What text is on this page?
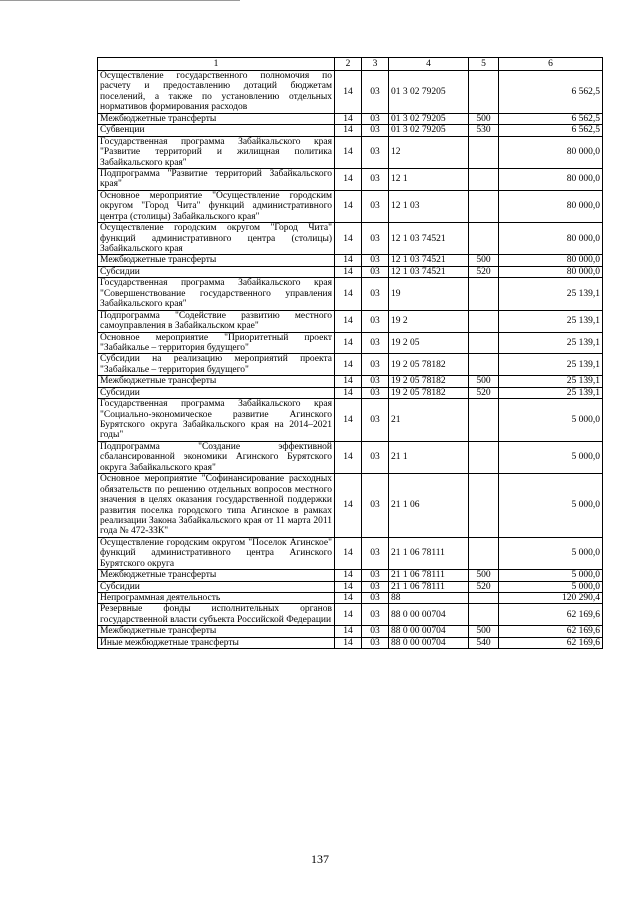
1	2	3	4	5	6
Осуществление государственного полномочия по расчету и предоставлению дотаций бюджетам поселений, а также по установлению отдельных нормативов формирования расходов	14	03	01 3 02 79205		6 562,5
Межбюджетные трансферты	14	03	01 3 02 79205	500	6 562,5
Субвенции	14	03	01 3 02 79205	530	6 562,5
Государственная программа Забайкальского края "Развитие территорий и жилищная политика Забайкальского края"	14	03	12		80 000,0
Подпрограмма "Развитие территорий Забайкальского края"	14	03	12 1		80 000,0
Основное мероприятие "Осуществление городским округом "Город Чита" функций административного центра (столицы) Забайкальского края"	14	03	12 1 03		80 000,0
Осуществление городским округом "Город Чита" функций административного центра (столицы) Забайкальского края	14	03	12 1 03 74521		80 000,0
Межбюджетные трансферты	14	03	12 1 03 74521	500	80 000,0
Субсидии	14	03	12 1 03 74521	520	80 000,0
Государственная программа Забайкальского края "Совершенствование государственного управления Забайкальского края"	14	03	19		25 139,1
Подпрограмма "Содействие развитию местного самоуправления в Забайкальском крае"	14	03	19 2		25 139,1
Основное мероприятие "Приоритетный проект "Забайкалье – территория будущего"	14	03	19 2 05		25 139,1
Субсидии на реализацию мероприятий проекта "Забайкалье – территория будущего"	14	03	19 2 05 78182		25 139,1
Межбюджетные трансферты	14	03	19 2 05 78182	500	25 139,1
Субсидии	14	03	19 2 05 78182	520	25 139,1
Государственная программа Забайкальского края "Социально-экономическое развитие Агинского Бурятского округа Забайкальского края на 2014–2021 годы"	14	03	21		5 000,0
Подпрограмма "Создание эффективной сбалансированной экономики Агинского Бурятского округа Забайкальского края"	14	03	21 1		5 000,0
Основное мероприятие "Софинансирование расходных обязательств по решению отдельных вопросов местного значения в целях оказания государственной поддержки развития поселка городского типа Агинское в рамках реализации Закона Забайкальского края от 11 марта 2011 года № 472-ЗЗК"	14	03	21 1 06		5 000,0
Осуществление городским округом "Поселок Агинское" функций административного центра Агинского Бурятского округа	14	03	21 1 06 78111		5 000,0
Межбюджетные трансферты	14	03	21 1 06 78111	500	5 000,0
Субсидии	14	03	21 1 06 78111	520	5 000,0
Непрограммная деятельность	14	03	88		120 290,4
Резервные фонды исполнительных органов государственной власти субъекта Российской Федерации	14	03	88 0 00 00704		62 169,6
Межбюджетные трансферты	14	03	88 0 00 00704	500	62 169,6
Иные межбюджетные трансферты	14	03	88 0 00 00704	540	62 169,6
137
